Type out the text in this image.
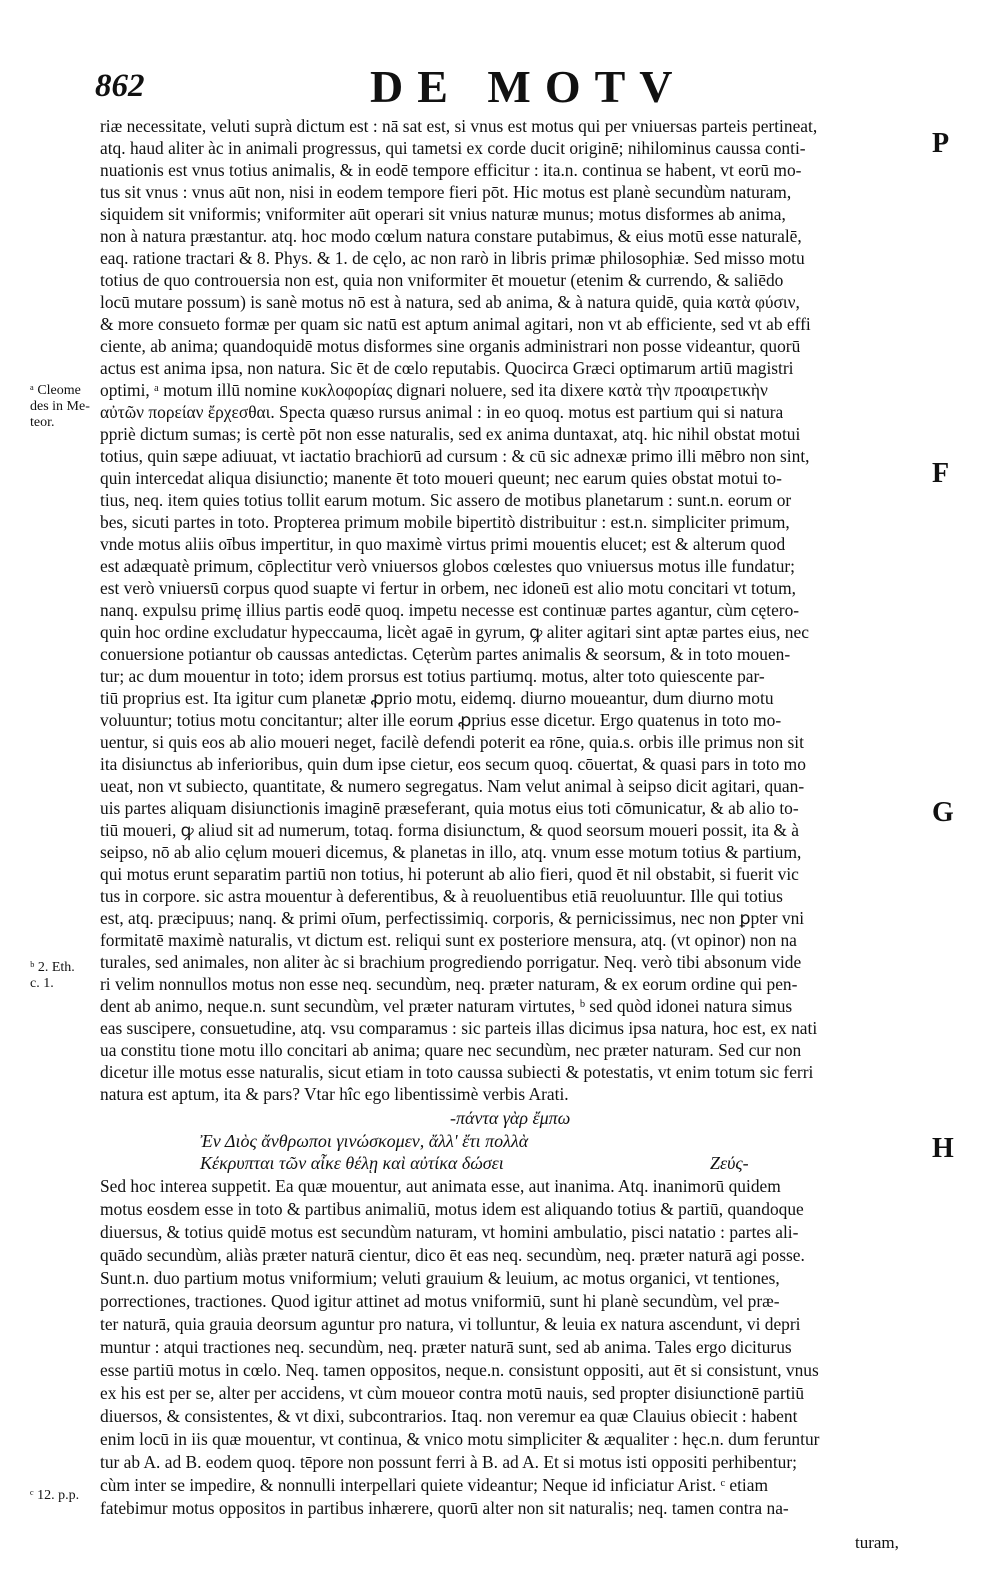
862	DE MOTV
riæ necessitate, veluti suprà dictum est : nā sat est, si vnus est motus qui per vniuersas parteis pertineat,
atq. haud aliter àc in animali progressus, qui tametsi ex corde ducit originē; nihilominus caussa conti-
nuationis est vnus totius animalis, & in eodē tempore efficitur : ita.n. continua se habent, vt eorū mo-
tus sit vnus : vnus aūt non, nisi in eodem tempore fieri pōt. Hic motus est planè secundùm naturam,
siquidem sit vniformis; vniformiter aūt operari sit vnius naturæ munus; motus disformes ab anima,
non à natura præstantur. atq. hoc modo cœlum natura constare putabimus, & eius motū esse naturalē,
eaq. ratione tractari & 8. Phys. & 1. de cęlo, ac non rarò in libris primæ philosophiæ. Sed misso motu
totius de quo controuersia non est, quia non vniformiter ēt mouetur (etenim & currendo, & saliēdo
locū mutare possum) is sanè motus nō est à natura, sed ab anima, & à natura quidē, quia κατὰ φύσιν,
& more consueto formæ per quam sic natū est aptum animal agitari, non vt ab efficiente, sed vt ab effi
ciente, ab anima; quandoquidē motus disformes sine organis administrari non posse videantur, quorū
actus est anima ipsa, non natura. Sic ēt de cœlo reputabis. Quocirca Græci optimarum artiū magistri
optimi, ᵃ motum illū nomine κυκλοφορίας dignari noluere, sed ita dixere κατὰ τὴν προαιρετικὴν
αὐτῶν πορείαν ἔρχεσθαι. Specta quæso rursus animal : in eo quoq. motus est partium qui si natura
ppriè dictum sumas; is certè pōt non esse naturalis, sed ex anima duntaxat, atq. hic nihil obstat motui
totius, quin sæpe adiuuat, vt iactatio brachiorū ad cursum : & cū sic adnexæ primo illi mēbro non sint,
quin intercedat aliqua disiunctio; manente ēt toto moueri queunt; nec earum quies obstat motui to-
tius, neq. item quies totius tollit earum motum. Sic assero de motibus planetarum : sunt.n. eorum or
bes, sicuti partes in toto. Propterea primum mobile bipertitò distribuitur : est.n. simpliciter primum,
vnde motus aliis oībus impertitur, in quo maximè virtus primi mouentis elucet; est & alterum quod
est adæquatè primum, cōplectitur verò vniuersos globos cœlestes quo vniuersus motus ille fundatur;
est verò vniuersū corpus quod suapte vi fertur in orbem, nec idoneū est alio motu concitari vt totum,
nanq. expulsu primę illius partis eodē quoq. impetu necesse est continuæ partes agantur, cùm cętero-
quin hoc ordine excludatur hypeccauma, licèt agaē in gyrum, ꝙ aliter agitari sint aptæ partes eius, nec
conuersione potiantur ob caussas antedictas. Cęterùm partes animalis & seorsum, & in toto mouen-
tur; ac dum mouentur in toto; idem prorsus est totius partiumq. motus, alter toto quiescente par-
tiū proprius est. Ita igitur cum planetæ ꝓprio motu, eidemq. diurno moueantur, dum diurno motu
voluuntur; totius motu concitantur; alter ille eorum ꝓprius esse dicetur. Ergo quatenus in toto mo-
uentur, si quis eos ab alio moueri neget, facilè defendi poterit ea rōne, quia.s. orbis ille primus non sit
ita disiunctus ab inferioribus, quin dum ipse cietur, eos secum quoq. cōuertat, & quasi pars in toto mo
ueat, non vt subiecto, quantitate, & numero segregatus. Nam velut animal à seipso dicit agitari, quan-
uis partes aliquam disiunctionis imaginē præseferant, quia motus eius toti cōmunicatur, & ab alio to-
tiū moueri, ꝙ aliud sit ad numerum, totaq. forma disiunctum, & quod seorsum moueri possit, ita & à
seipso, nō ab alio cęlum moueri dicemus, & planetas in illo, atq. vnum esse motum totius & partium,
qui motus erunt separatim partiū non totius, hi poterunt ab alio fieri, quod ēt nil obstabit, si fuerit vic
tus in corpore. sic astra mouentur à deferentibus, & à reuoluentibus etiā reuoluuntur. Ille qui totius
est, atq. præcipuus; nanq. & primi oīum, perfectissimiq. corporis, & pernicissimus, nec non ꝑpter vni
formitatē maximè naturalis, vt dictum est. reliqui sunt ex posteriore mensura, atq. (vt opinor) non na
turales, sed animales, non aliter àc si brachium progrediendo porrigatur. Neq. verò tibi absonum vide
ri velim nonnullos motus non esse neq. secundùm, neq. præter naturam, & ex eorum ordine qui pen-
dent ab animo, neque.n. sunt secundùm, vel præter naturam virtutes, ᵇ sed quòd idonei natura simus
eas suscipere, consuetudine, atq. vsu comparamus : sic parteis illas dicimus ipsa natura, hoc est, ex nati
ua constitu tione motu illo concitari ab anima; quare nec secundùm, nec præter naturam. Sed cur non
dicetur ille motus esse naturalis, sicut etiam in toto caussa subiecti & potestatis, vt enim totum sic ferri
natura est aptum, ita & pars? Vtar hîc ego libentissimè verbis Arati.
-πάντα γὰρ ἔμπω
Ἐν Διὸς ἄνθρωποι γινώσκομεν, ἄλλ' ἔτι πολλὰ
Κέκρυπται τῶν αἶκε θέλῃ καὶ αὐτίκα δώσει	Ζεύς-
Sed hoc interea suppetit. Ea quæ mouentur, aut animata esse, aut inanima. Atq. inanimorū quidem
motus eosdem esse in toto & partibus animaliū, motus idem est aliquando totius & partiū, quandoque
diuersus, & totius quidē motus est secundùm naturam, vt homini ambulatio, pisci natatio : partes ali-
quādo secundùm, aliàs præter naturā cientur, dico ēt eas neq. secundùm, neq. præter naturā agi posse.
Sunt.n. duo partium motus vniformium; veluti grauium & leuium, ac motus organici, vt tentiones,
porrectiones, tractiones. Quod igitur attinet ad motus vniformiū, sunt hi planè secundùm, vel præ-
ter naturā, quia grauia deorsum aguntur pro natura, vi tolluntur, & leuia ex natura ascendunt, vi depri
muntur : atqui tractiones neq. secundùm, neq. præter naturā sunt, sed ab anima. Tales ergo diciturus
esse partiū motus in cœlo. Neq. tamen oppositos, neque.n. consistunt oppositi, aut ēt si consistunt, vnus
ex his est per se, alter per accidens, vt cùm moueor contra motū nauis, sed propter disiunctionē partiū
diuersos, & consistentes, & vt dixi, subcontrarios. Itaq. non veremur ea quæ Clauius obiecit : habent
enim locū in iis quæ mouentur, vt continua, & vnico motu simpliciter & æqualiter : hęc.n. dum feruntur
tur ab A. ad B. eodem quoq. tēpore non possunt ferri à B. ad A. Et si motus isti oppositi perhibentur;
cùm inter se impedire, & nonnulli interpellari quiete videantur; Neque id inficiatur Arist. ᶜ etiam
fatebimur motus oppositos in partibus inhærere, quorū alter non sit naturalis; neq. tamen contra na-
ᵃ Cleome
des in Me-
teor.
ᵇ 2. Eth.
c. 1.
ᶜ 12. p.p.
P
F
G
H
turam,
